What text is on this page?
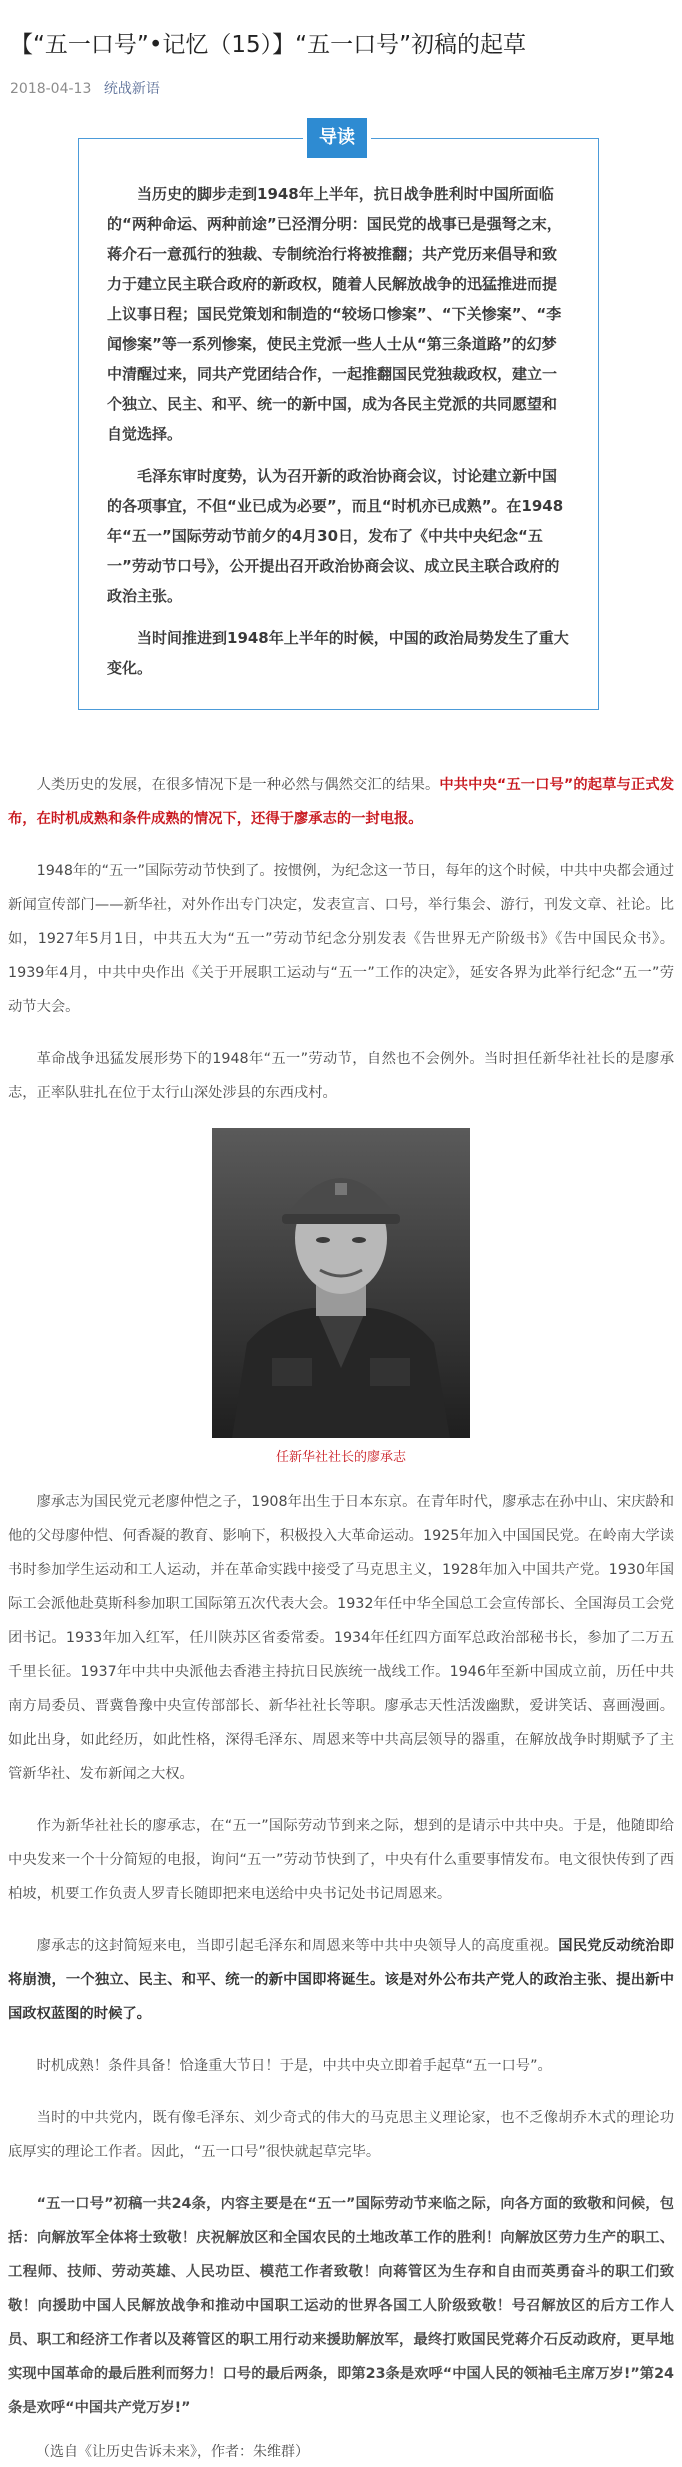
【“五一口号”•记忆（15）】“五一口号”初稿的起草
2018-04-13 统战新语
导读

当历史的脚步走到1948年上半年，抗日战争胜利时中国所面临的“两种命运、两种前途”已泾渭分明：国民党的战事已是强弩之末，蒋介石一意孤行的独裁、专制统治行将被推翻；共产党历来倡导和致力于建立民主联合政府的新政权，随着人民解放战争的迅猛推进而提上议事日程；国民党策划和制造的“较场口惨案”、“下关惨案”、“李闻惨案”等一系列惨案，使民主党派一些人士从“第三条道路”的幻梦中清醒过来，同共产党团结合作，一起推翻国民党独裁政权，建立一个独立、民主、和平、统一的新中国，成为各民主党派的共同愿望和自觉选择。

毛泽东审时度势，认为召开新的政治协商会议，讨论建立新中国的各项事宜，不但“业已成为必要”，而且“时机亦已成熟”。在1948年“五一”国际劳动节前夕的4月30日，发布了《中共中央纪念“五一”劳动节口号》，公开提出召开政治协商会议、成立民主联合政府的政治主张。

当时间推进到1948年上半年的时候，中国的政治局势发生了重大变化。

人类历史的发展，在很多情况下是一种必然与偶然交汇的结果。中共中央“五一口号”的起草与正式发布，在时机成熟和条件成熟的情况下，还得于廖承志的一封电报。

1948年的“五一”国际劳动节快到了。按惯例，为纪念这一节日，每年的这个时候，中共中央都会通过新闻宣传部门——新华社，对外作出专门决定，发表宣言、口号，举行集会、游行，刊发文章、社论。比如，1927年5月1日，中共五大为“五一”劳动节纪念分别发表《告世界无产阶级书》《告中国民众书》。1939年4月，中共中央作出《关于开展职工运动与“五一”工作的决定》，延安各界为此举行纪念“五一”劳动节大会。

革命战争迅猛发展形势下的1948年“五一”劳动节，自然也不会例外。当时担任新华社社长的是廖承志，正率队驻扎在位于太行山深处涉县的东西戌村。

任新华社社长的廖承志

廖承志为国民党元老廖仲恺之子，1908年出生于日本东京。在青年时代，廖承志在孙中山、宋庆龄和他的父母廖仲恺、何香凝的教育、影响下，积极投入大革命运动。1925年加入中国国民党。在岭南大学读书时参加学生运动和工人运动，并在革命实践中接受了马克思主义，1928年加入中国共产党。1930年国际工会派他赴莫斯科参加职工国际第五次代表大会。1932年任中华全国总工会宣传部长、全国海员工会党团书记。1933年加入红军，任川陕苏区省委常委。1934年任红四方面军总政治部秘书长，参加了二万五千里长征。1937年中共中央派他去香港主持抗日民族统一战线工作。1946年至新中国成立前，历任中共南方局委员、晋冀鲁豫中央宣传部部长、新华社社长等职。廖承志天性活泼幽默，爱讲笑话、喜画漫画。如此出身，如此经历，如此性格，深得毛泽东、周恩来等中共高层领导的器重，在解放战争时期赋予了主管新华社、发布新闻之大权。

作为新华社社长的廖承志，在“五一”国际劳动节到来之际，想到的是请示中共中央。于是，他随即给中央发来一个十分简短的电报，询问“五一”劳动节快到了，中央有什么重要事情发布。电文很快传到了西柏坡，机要工作负责人罗青长随即把来电送给中央书记处书记周恩来。

廖承志的这封简短来电，当即引起毛泽东和周恩来等中共中央领导人的高度重视。国民党反动统治即将崩溃，一个独立、民主、和平、统一的新中国即将诞生。该是对外公布共产党人的政治主张、提出新中国政权蓝图的时候了。

时机成熟！条件具备！恰逢重大节日！于是，中共中央立即着手起草“五一口号”。

当时的中共党内，既有像毛泽东、刘少奇式的伟大的马克思主义理论家，也不乏像胡乔木式的理论功底厚实的理论工作者。因此，“五一口号”很快就起草完毕。

“五一口号”初稿一共24条，内容主要是在“五一”国际劳动节来临之际，向各方面的致敬和问候，包括：向解放军全体将士致敬！庆祝解放区和全国农民的土地改革工作的胜利！向解放区劳力生产的职工、工程师、技师、劳动英雄、人民功臣、模范工作者致敬！向蒋管区为生存和自由而英勇奋斗的职工们致敬！向援助中国人民解放战争和推动中国职工运动的世界各国工人阶级致敬！号召解放区的后方工作人员、职工和经济工作者以及蒋管区的职工用行动来援助解放军，最终打败国民党蒋介石反动政府，更早地实现中国革命的最后胜利而努力！口号的最后两条，即第23条是欢呼“中国人民的领袖毛主席万岁!”第24条是欢呼“中国共产党万岁!”

（选自《让历史告诉未来》，作者：朱维群）
